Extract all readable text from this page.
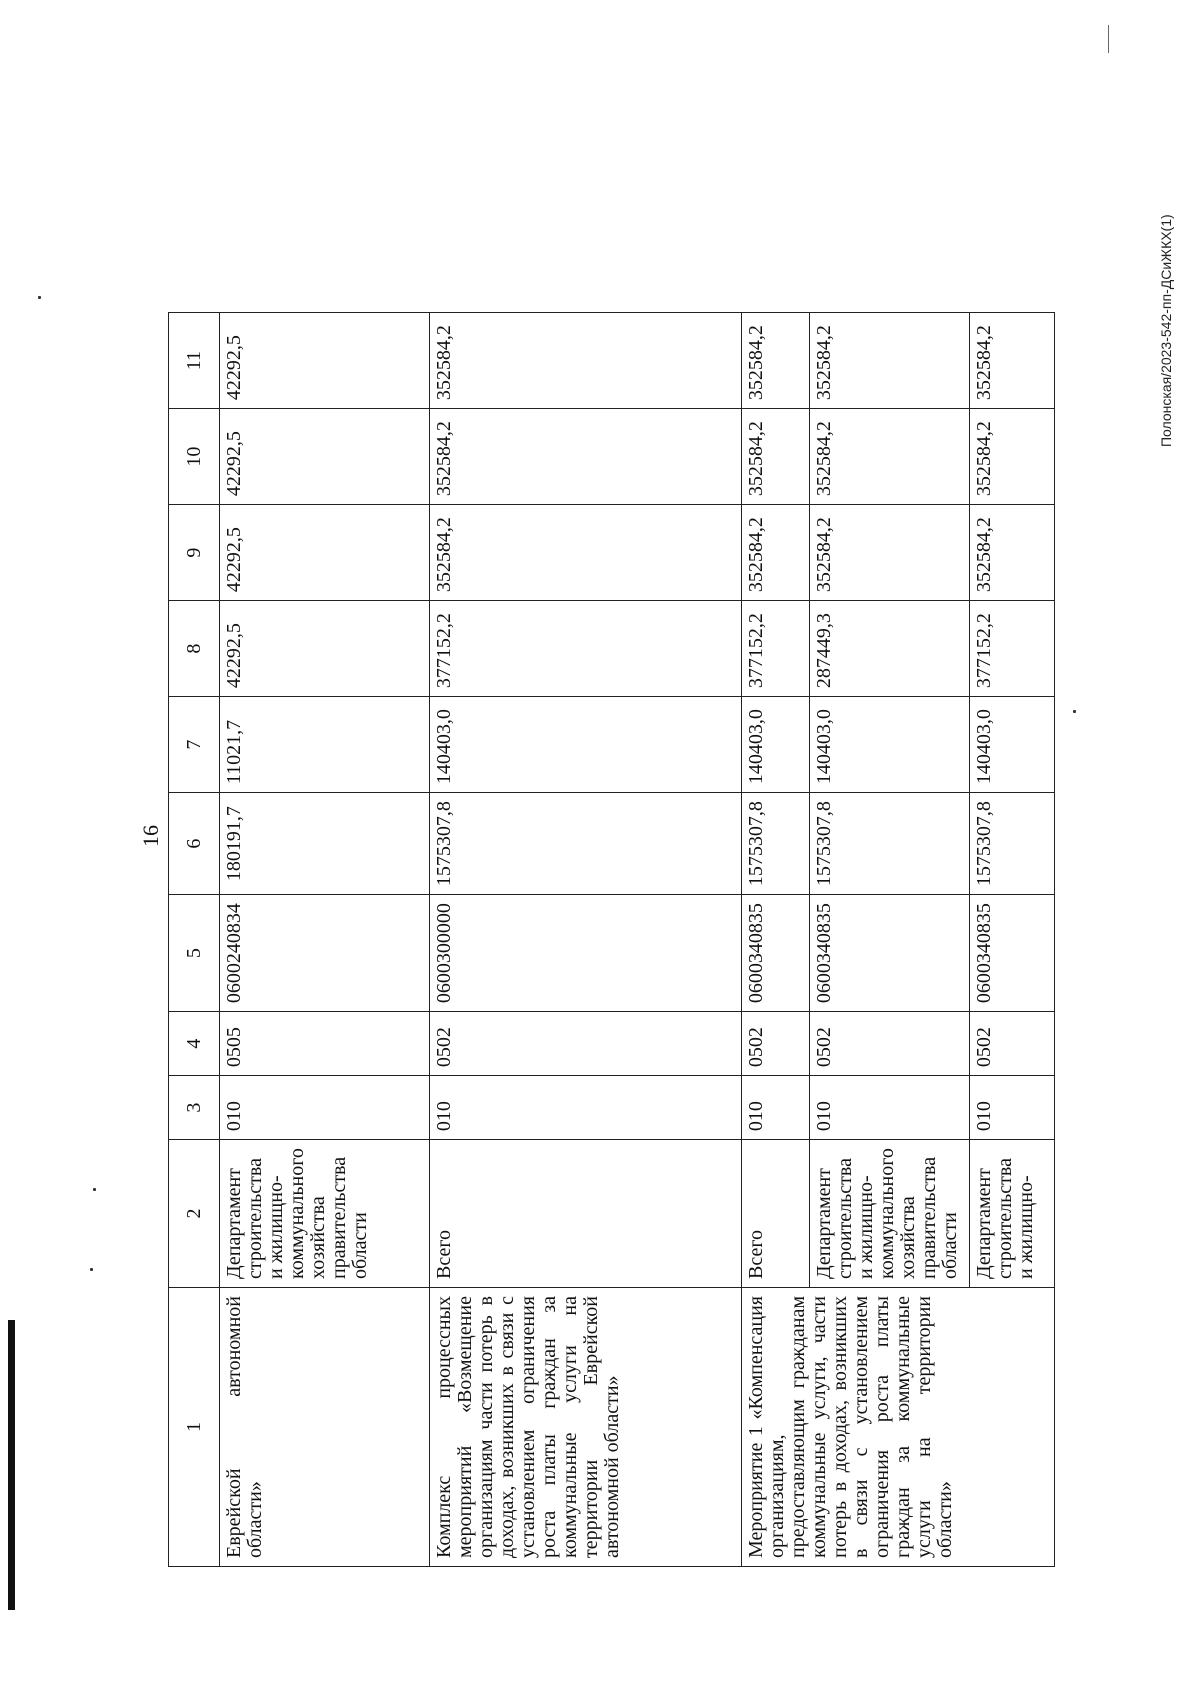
16
1	2	3	4	5	6	7	8	9	10	11
Еврейской автономной области»	Департамент строительства и жилищно-коммунального хозяйства правительства области	010	0505	0600240834	180191,7	11021,7	42292,5	42292,5	42292,5	42292,5
Комплекс процессных мероприятий «Возмещение организациям части потерь в доходах, возникших в связи с установлением ограничения роста платы граждан за коммунальные услуги на территории Еврейской автономной области»	Всего	010	0502	0600300000	1575307,8	140403,0	377152,2	352584,2	352584,2	352584,2
Мероприятие 1 «Компенсация организациям, предоставляющим гражданам коммунальные услуги, части потерь в доходах, возникших в связи с установлением ограничения роста платы граждан за коммунальные услуги на территории области»	Всего	010	0502	0600340835	1575307,8	140403,0	377152,2	352584,2	352584,2	352584,2
	Департамент строительства и жилищно-коммунального хозяйства правительства области	010	0502	0600340835	1575307,8	140403,0	287449,3	352584,2	352584,2	352584,2
	Департамент строительства и жилищно-	010	0502	0600340835	1575307,8	140403,0	377152,2	352584,2	352584,2	352584,2	Полонская/2023-542-пп-ДСиЖКХ(1)
